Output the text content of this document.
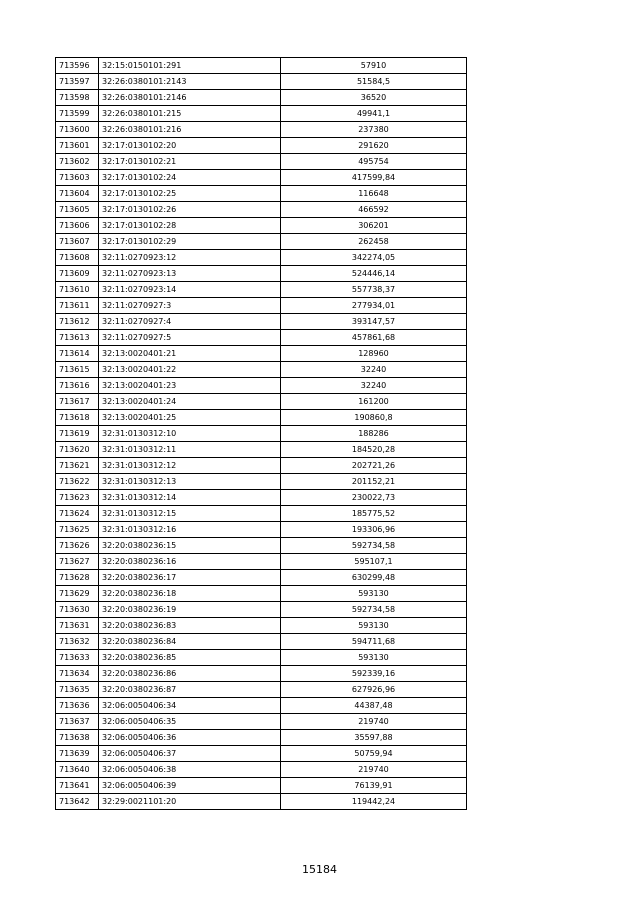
713596	32:15:0150101:291	57910
713597	32:26:0380101:2143	51584,5
713598	32:26:0380101:2146	36520
713599	32:26:0380101:215	49941,1
713600	32:26:0380101:216	237380
713601	32:17:0130102:20	291620
713602	32:17:0130102:21	495754
713603	32:17:0130102:24	417599,84
713604	32:17:0130102:25	116648
713605	32:17:0130102:26	466592
713606	32:17:0130102:28	306201
713607	32:17:0130102:29	262458
713608	32:11:0270923:12	342274,05
713609	32:11:0270923:13	524446,14
713610	32:11:0270923:14	557738,37
713611	32:11:0270927:3	277934,01
713612	32:11:0270927:4	393147,57
713613	32:11:0270927:5	457861,68
713614	32:13:0020401:21	128960
713615	32:13:0020401:22	32240
713616	32:13:0020401:23	32240
713617	32:13:0020401:24	161200
713618	32:13:0020401:25	190860,8
713619	32:31:0130312:10	188286
713620	32:31:0130312:11	184520,28
713621	32:31:0130312:12	202721,26
713622	32:31:0130312:13	201152,21
713623	32:31:0130312:14	230022,73
713624	32:31:0130312:15	185775,52
713625	32:31:0130312:16	193306,96
713626	32:20:0380236:15	592734,58
713627	32:20:0380236:16	595107,1
713628	32:20:0380236:17	630299,48
713629	32:20:0380236:18	593130
713630	32:20:0380236:19	592734,58
713631	32:20:0380236:83	593130
713632	32:20:0380236:84	594711,68
713633	32:20:0380236:85	593130
713634	32:20:0380236:86	592339,16
713635	32:20:0380236:87	627926,96
713636	32:06:0050406:34	44387,48
713637	32:06:0050406:35	219740
713638	32:06:0050406:36	35597,88
713639	32:06:0050406:37	50759,94
713640	32:06:0050406:38	219740
713641	32:06:0050406:39	76139,91
713642	32:29:0021101:20	119442,24
15184
